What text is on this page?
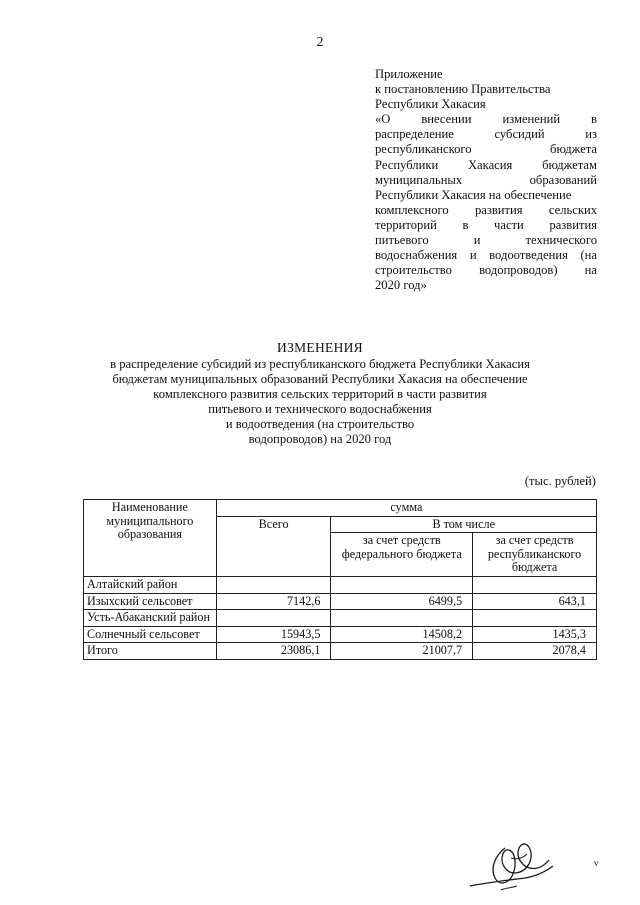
2
Приложение
к постановлению Правительства
Республики Хакасия
«О внесении изменений в
распределение субсидий из
республиканского бюджета
Республики Хакасия бюджетам
муниципальных образований
Республики Хакасия на обеспечение
комплексного развития сельских
территорий в части развития
питьевого и технического
водоснабжения и водоотведения (на
строительство водопроводов) на
2020 год»
ИЗМЕНЕНИЯ
в распределение субсидий из республиканского бюджета Республики Хакасия
бюджетам муниципальных образований Республики Хакасия на обеспечение
комплексного развития сельских территорий в части развития
питьевого и технического водоснабжения
и водоотведения (на строительство
водопроводов) на 2020 год
(тыс. рублей)
Наименование муниципального образования	сумма		
	Всего	В том числе	
		за счет средств федерального бюджета	за счет средств республиканского бюджета
Алтайский район			
Изыхский сельсовет	7142,6	6499,5	643,1
Усть-Абаканский район			
Солнечный сельсовет	15943,5	14508,2	1435,3
Итого	23086,1	21007,7	2078,4
v
